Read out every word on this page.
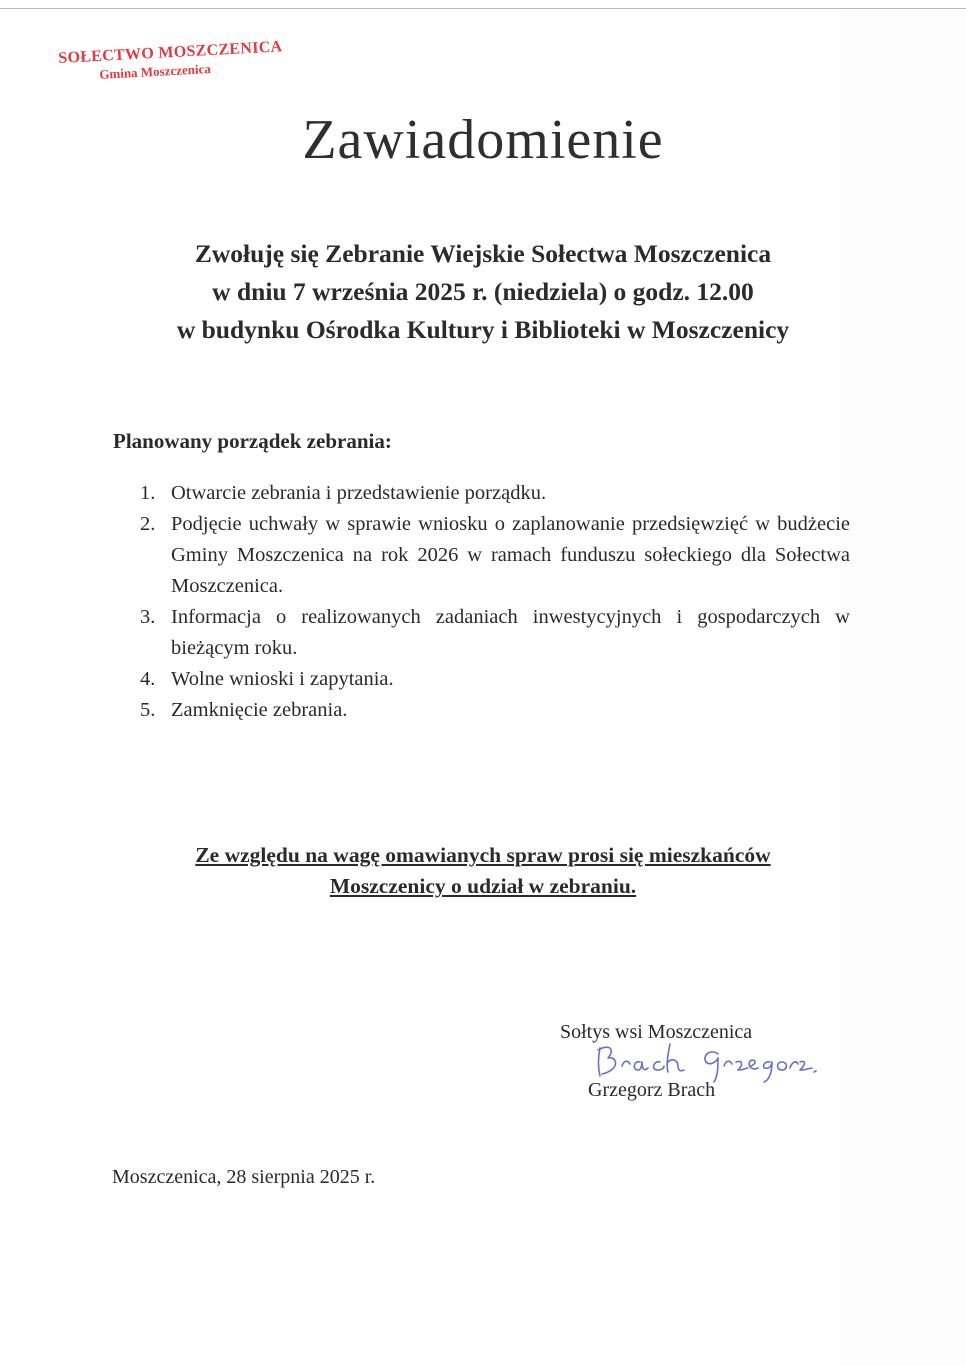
SOŁECTWO MOSZCZENICA
Gmina Moszczenica
Zawiadomienie
Zwołuję się Zebranie Wiejskie Sołectwa Moszczenica
w dniu 7 września 2025 r. (niedziela) o godz. 12.00
w budynku Ośrodka Kultury i Biblioteki w Moszczenicy
Planowany porządek zebrania:
1. Otwarcie zebrania i przedstawienie porządku.
2. Podjęcie uchwały w sprawie wniosku o zaplanowanie przedsięwzięć w budżecie Gminy Moszczenica na rok 2026 w ramach funduszu sołeckiego dla Sołectwa Moszczenica.
3. Informacja o realizowanych zadaniach inwestycyjnych i gospodarczych w bieżącym roku.
4. Wolne wnioski i zapytania.
5. Zamknięcie zebrania.
Ze względu na wagę omawianych spraw prosi się mieszkańców
Moszczenicy o udział w zebraniu.
Sołtys wsi Moszczenica
Grzegorz Brach
Moszczenica, 28 sierpnia 2025 r.
